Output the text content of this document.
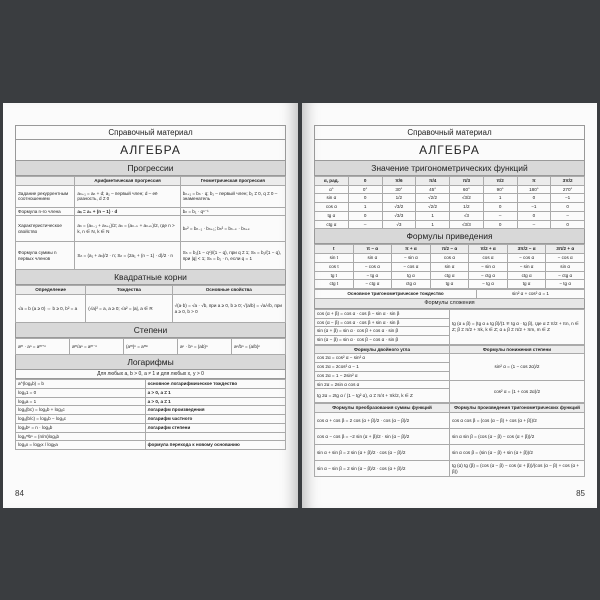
Справочный материал
АЛГЕБРА
Прогрессии
	Арифметическая прогрессия	Геометрическая прогрессия
Задание рекуррентным соотношением	aₙ₊₁ = aₙ + d; a₁ – первый член; d – её разность, d ≠ 0	bₙ₊₁ = bₙ · q; b₁ – первый член; b₁ ≠ 0, q ≠ 0 – знаменатель
Формула n-го члена	aₙ = a₁ + (n − 1) · d	bₙ = b₁ · qⁿ⁻¹
Характеристическое свойство	aₙ = (aₙ₋₁ + aₙ₊₁)/2; aₙ = (aₙ₋ₖ + aₙ₊ₖ)/2, где n > k, n ∈ N, k ∈ N	bₙ² = bₙ₋₁ · bₙ₊₁; bₙ² = bₙ₋ₖ · bₙ₊ₖ
Формула суммы n первых членов	Sₙ = (a₁ + aₙ)/2 · n; Sₙ = (2a₁ + (n − 1) · d)/2 · n	Sₙ = b₁(1 − qⁿ)/(1 − q), при q ≠ 1; Sₙ = b₁/(1 − q), при |q| < 1; Sₙ = b₁ · n, если q = 1
Квадратные корни
Определение	Тождества	Основные свойства
√a = b (a ≥ 0) ⇔ b ≥ 0, b² = a	(√a)² = a, a ≥ 0; √a² = |a|, a ∈ R	√(a·b) = √a · √b, при a ≥ 0, b ≥ 0; √(a/b) = √a/√b, при a ≥ 0, b > 0
Степени
aᵐ · aⁿ = aᵐ⁺ⁿ	aᵐ/aⁿ = aᵐ⁻ⁿ	(aᵐ)ⁿ = aᵐⁿ	aⁿ · bⁿ = (ab)ⁿ	aⁿ/bⁿ = (a/b)ⁿ
Логарифмы
Для любых a, b > 0, a ≠ 1 и для любых x, y > 0
a^(logₐb) = b	основное логарифмическое тождество
logₐ1 = 0	a > 0, a ≠ 1
logₐa = 1	a > 0, a ≠ 1
logₐ(bc) = logₐb + logₐc	логарифм произведения
logₐ(b/c) = logₐb − logₐc	логарифм частного
logₐbⁿ = n · logₐb	логарифм степени
logₐᵐbⁿ = (n/m)logₐb	
logₐx = logᵦx / logᵦa	формула перехода к новому основанию
84
Справочный материал
АЛГЕБРА
Значение тригонометрических функций
α, рад.	0	π/6	π/4	π/3	π/2	π	3π/2
α°	0°	30°	45°	60°	90°	180°	270°
sin α	0	1/2	√2/2	√3/2	1	0	−1
cos α	1	√3/2	√2/2	1/2	0	−1	0
tg α	0	√3/3	1	√3	–	0	–
ctg α	–	√3	1	√3/3	0	–	0
Формулы приведения
t	π − α	π + α	π/2 − α	π/2 + α	3π/2 − α	3π/2 + α
sin t	sin α	− sin α	cos α	cos α	− cos α	− cos α
cos t	− cos α	− cos α	sin α	− sin α	− sin α	sin α
tg t	− tg α	tg α	ctg α	− ctg α	ctg α	− ctg α
ctg t	− ctg α	ctg α	tg α	− tg α	tg α	− tg α
Основное тригонометрическое тождество	sin² α + cos² α = 1
Формулы сложения
cos (α + β) = cos α · cos β − sin α · sin β	tg (α ± β) = (tg α ± tg β)/(1 ∓ tg α · tg β), где α ≠ π/2 + πn, n ∈ Z; β ≠ π/2 + πk, k ∈ Z; α ± β ≠ π/2 + πm, m ∈ Z
cos (α − β) = cos α · cos β + sin α · sin β
sin (α + β) = sin α · cos β + cos α · sin β
sin (α − β) = sin α · cos β − cos α · sin β
Формулы двойного угла	Формулы понижения степени
cos 2α = cos² α − sin² α	sin² α = (1 − cos 2α)/2
cos 2α = 2cos² α − 1	
cos 2α = 1 − 2sin² α	
sin 2α = 2sin α cos α	cos² α = (1 + cos 2α)/2
tg 2α = 2tg α / (1 − tg² α), α ≠ π/4 + πk/2, k ∈ Z	
Формулы преобразования суммы функций	Формулы произведения тригонометрических функций
cos α + cos β = 2 cos (α + β)/2 · cos (α − β)/2	cos α cos β = (cos (α − β) + cos (α + β))/2
cos α − cos β = −2 sin (α + β)/2 · sin (α − β)/2	sin α sin β = (cos (α − β) − cos (α + β))/2
sin α + sin β = 2 sin (α + β)/2 · cos (α − β)/2	sin α cos β = (sin (α − β) + sin (α + β))/2
sin α − sin β = 2 sin (α − β)/2 · cos (α + β)/2	tg (α) tg (β) = (cos (α − β) − cos (α + β))/(cos (α − β) + cos (α + β))
85
